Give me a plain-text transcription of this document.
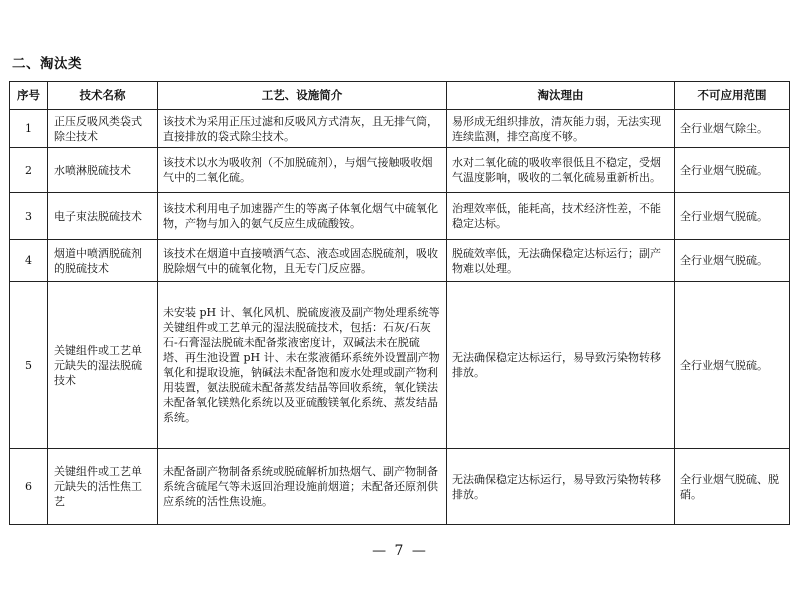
二、淘汰类
序号	技术名称	工艺、设施简介	淘汰理由	不可应用范围
1	正压反吸风类袋式除尘技术	该技术为采用正压过滤和反吸风方式清灰，且无排气筒，直接排放的袋式除尘技术。	易形成无组织排放，清灰能力弱，无法实现连续监测，排空高度不够。	全行业烟气除尘。
2	水喷淋脱硫技术	该技术以水为吸收剂（不加脱硫剂），与烟气接触吸收烟气中的二氧化硫。	水对二氧化硫的吸收率很低且不稳定，受烟气温度影响，吸收的二氧化硫易重新析出。	全行业烟气脱硫。
3	电子束法脱硫技术	该技术利用电子加速器产生的等离子体氧化烟气中硫氧化物，产物与加入的氨气反应生成硫酸铵。	治理效率低，能耗高，技术经济性差，不能稳定达标。	全行业烟气脱硫。
4	烟道中喷洒脱硫剂的脱硫技术	该技术在烟道中直接喷洒气态、液态或固态脱硫剂，吸收脱除烟气中的硫氧化物，且无专门反应器。	脱硫效率低，无法确保稳定达标运行；副产物难以处理。	全行业烟气脱硫。
5	关键组件或工艺单元缺失的湿法脱硫技术	未安装 pH 计、氧化风机、脱硫废液及副产物处理系统等关键组件或工艺单元的湿法脱硫技术，包括：石灰/石灰石-石膏湿法脱硫未配备浆液密度计，双碱法未在脱硫塔、再生池设置 pH 计、未在浆液循环系统外设置副产物氧化和提取设施，钠碱法未配备饱和废水处理或副产物利用装置，氨法脱硫未配备蒸发结晶等回收系统，氧化镁法未配备氧化镁熟化系统以及亚硫酸镁氧化系统、蒸发结晶系统。	无法确保稳定达标运行，易导致污染物转移排放。	全行业烟气脱硫。
6	关键组件或工艺单元缺失的活性焦工艺	未配备副产物制备系统或脱硫解析加热烟气、副产物制备系统含硫尾气等未返回治理设施前烟道；未配备还原剂供应系统的活性焦设施。	无法确保稳定达标运行，易导致污染物转移排放。	全行业烟气脱硫、脱硝。
— 7 —
